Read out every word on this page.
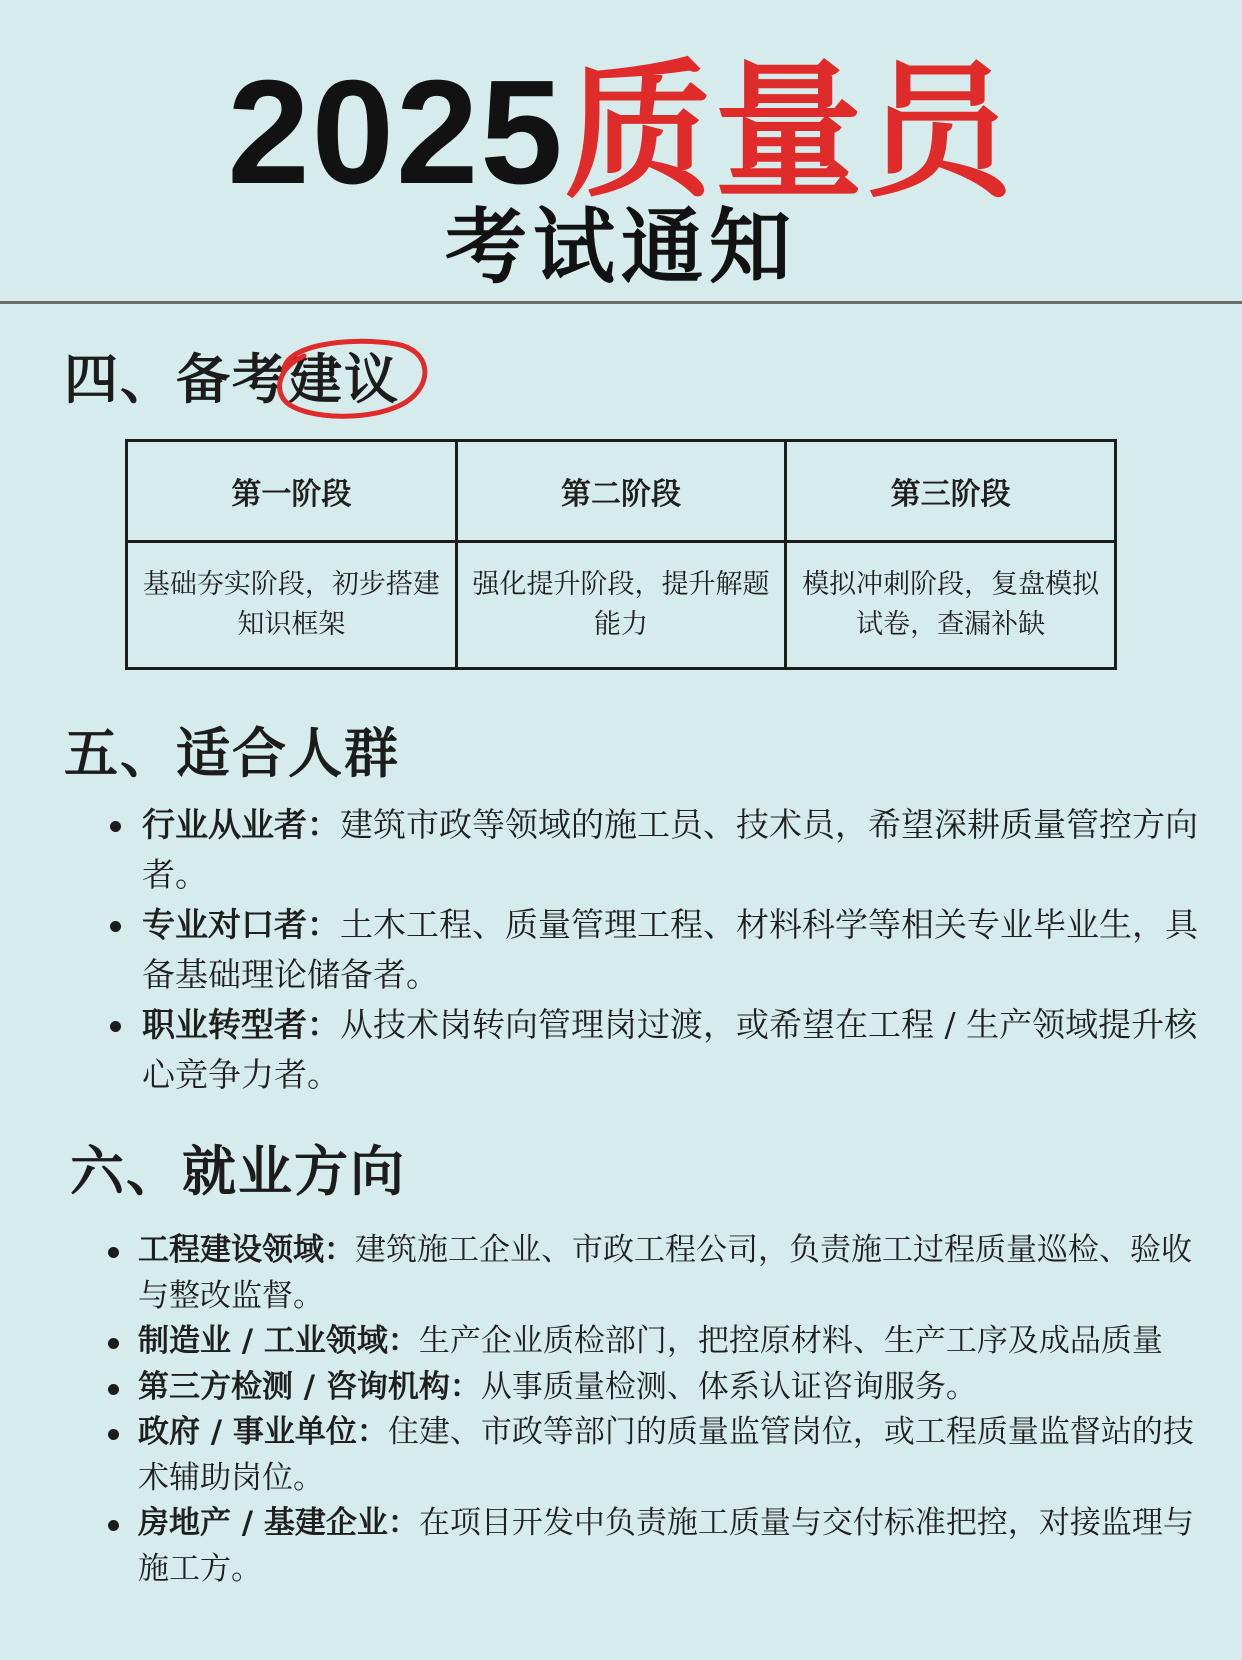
2025质量员
考试通知
四、备考建议
第一阶段	第二阶段	第三阶段
基础夯实阶段，初步搭建知识框架	强化提升阶段，提升解题能力	模拟冲刺阶段，复盘模拟试卷，查漏补缺
五、适合人群
行业从业者：建筑市政等领域的施工员、技术员，希望深耕质量管控方向者。
专业对口者：土木工程、质量管理工程、材料科学等相关专业毕业生，具备基础理论储备者。
职业转型者：从技术岗转向管理岗过渡，或希望在工程 / 生产领域提升核心竞争力者。
六、就业方向
工程建设领域：建筑施工企业、市政工程公司，负责施工过程质量巡检、验收与整改监督。
制造业 / 工业领域：生产企业质检部门，把控原材料、生产工序及成品质量
第三方检测 / 咨询机构：从事质量检测、体系认证咨询服务。
政府 / 事业单位：住建、市政等部门的质量监管岗位，或工程质量监督站的技术辅助岗位。
房地产 / 基建企业：在项目开发中负责施工质量与交付标准把控，对接监理与施工方。
